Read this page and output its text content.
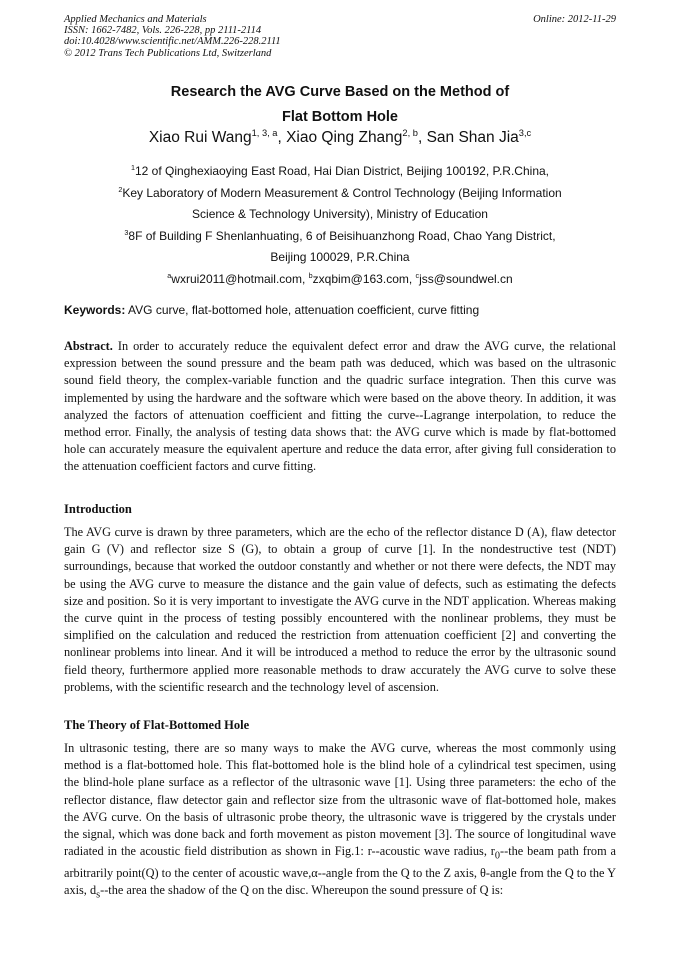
Applied Mechanics and Materials
ISSN: 1662-7482, Vols. 226-228, pp 2111-2114
doi:10.4028/www.scientific.net/AMM.226-228.2111
© 2012 Trans Tech Publications Ltd, Switzerland
Online: 2012-11-29
Research the AVG Curve Based on the Method of
Flat Bottom Hole
Xiao Rui Wang$^{1, 3, a}$, Xiao Qing Zhang$^{2, b}$, San Shan Jia$^{3,c}$
$^1$12 of Qinghexiaoying East Road, Hai Dian District, Beijing 100192, P.R.China,
$^2$Key Laboratory of Modern Measurement & Control Technology (Beijing Information
Science & Technology University), Ministry of Education
$^3$8F of Building F Shenlanhuating, 6 of Beisihuanzhong Road, Chao Yang District,
Beijing 100029, P.R.China
$^a$wxrui2011@hotmail.com, $^b$zxqbim@163.com, $^c$jss@soundwel.cn
Keywords: AVG curve, flat-bottomed hole, attenuation coefficient, curve fitting
Abstract. In order to accurately reduce the equivalent defect error and draw the AVG curve, the relational expression between the sound pressure and the beam path was deduced, which was based on the ultrasonic sound field theory, the complex-variable function and the quadric surface integration. Then this curve was implemented by using the hardware and the software which were based on the above theory. In addition, it was analyzed the factors of attenuation coefficient and fitting the curve--Lagrange interpolation, to reduce the method error. Finally, the analysis of testing data shows that: the AVG curve which is made by flat-bottomed hole can accurately measure the equivalent aperture and reduce the data error, after giving full consideration to the attenuation coefficient factors and curve fitting.
Introduction
The AVG curve is drawn by three parameters, which are the echo of the reflector distance D (A), flaw detector gain G (V) and reflector size S (G), to obtain a group of curve [1]. In the nondestructive test (NDT) surroundings, because that worked the outdoor constantly and whether or not there were defects, the NDT may be using the AVG curve to measure the distance and the gain value of defects, such as estimating the defects size and position. So it is very important to investigate the AVG curve in the NDT application. Whereas making the curve quint in the process of testing possibly encountered with the nonlinear problems, they must be simplified on the calculation and reduced the restriction from attenuation coefficient [2] and converting the nonlinear problems into linear. And it will be introduced a method to reduce the error by the ultrasonic sound field theory, furthermore applied more reasonable methods to draw accurately the AVG curve to solve these problems, with the scientific research and the technology level of ascension.
The Theory of Flat-Bottomed Hole
In ultrasonic testing, there are so many ways to make the AVG curve, whereas the most commonly using method is a flat-bottomed hole. This flat-bottomed hole is the blind hole of a cylindrical test specimen, using the blind-hole plane surface as a reflector of the ultrasonic wave [1]. Using three parameters: the echo of the reflector distance, flaw detector gain and reflector size from the ultrasonic wave of flat-bottomed hole, makes the AVG curve. On the basis of ultrasonic probe theory, the ultrasonic wave is triggered by the crystals under the signal, which was done back and forth movement as piston movement [3]. The source of longitudinal wave radiated in the acoustic field distribution as shown in Fig.1: r--acoustic wave radius, $r_0-$-the beam path from a arbitrarily point(Q) to the center of acoustic wave,α--angle from the Q to the Z axis, θ-angle from the Q to the Y axis, $d_s-$-the area the shadow of the Q on the disc. Whereupon the sound pressure of Q is:
